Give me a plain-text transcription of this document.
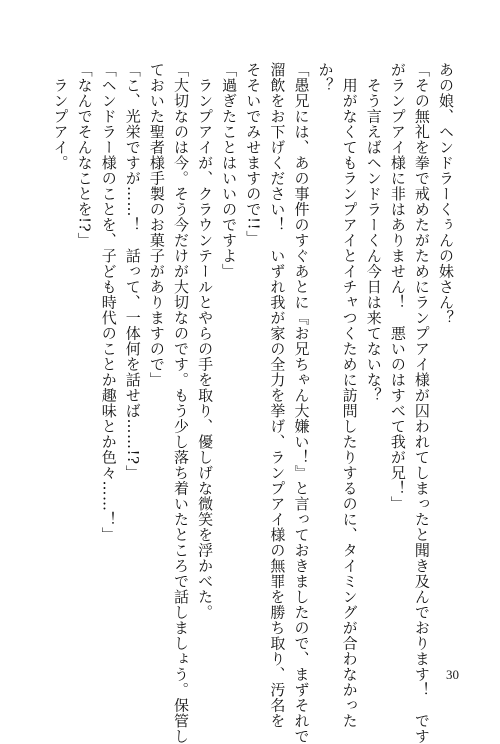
あの娘、ヘンドラーくぅんの妹さん？
「その無礼を拳で戒めたがためにランプアイ様が囚われてしまったと聞き及んでおります！　です
がランプアイ様に非はありません！　悪いのはすべて我が兄！」
　そう言えばヘンドラーくん今日は来てないな？
　用がなくてもランプアイとイチャつくために訪問したりするのに、タイミングが合わなかった
か？
「愚兄には、あの事件のすぐあとに『お兄ちゃん大嫌い！』と言っておきましたので、まずそれで
溜飲をお下げください！　いずれ我が家の全力を挙げ、ランプアイ様の無罪を勝ち取り、汚名を
そそいでみせますので!!」
「過ぎたことはいいのですよ」
　ランプアイが、クラウンテールとやらの手を取り、優しげな微笑を浮かべた。
「大切なのは今。そう今だけが大切なのです。もう少し落ち着いたところで話しましょう。保管し
ておいた聖者様手製のお菓子がありますので」
「こ、光栄ですが……！　話って、一体何を話せば……!?」
「ヘンドラー様のことを、子ども時代のことか趣味とか色々……！」
「なんでそんなことを!?」
　ランプアイ。
30
